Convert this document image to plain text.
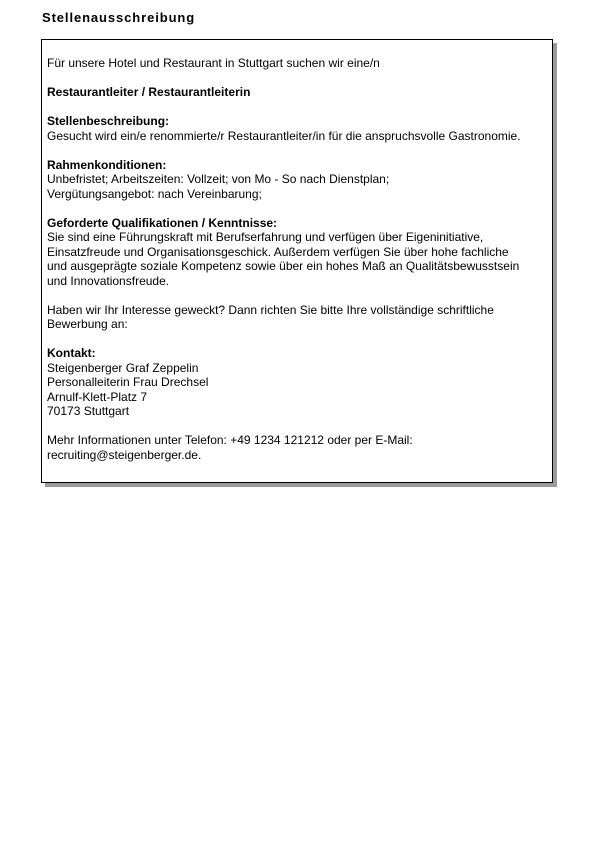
Stellenausschreibung

Für unsere Hotel und Restaurant in Stuttgart suchen wir eine/n

Restaurantleiter / Restaurantleiterin

Stellenbeschreibung:
Gesucht wird ein/e renommierte/r Restaurantleiter/in für die anspruchsvolle Gastronomie.
Rahmenkonditionen:
Unbefristet; Arbeitszeiten: Vollzeit; von Mo - So nach Dienstplan;
Vergütungsangebot: nach Vereinbarung;
Geforderte Qualifikationen / Kenntnisse:
Sie sind eine Führungskraft mit Berufserfahrung und verfügen über Eigeninitiative,
Einsatzfreude und Organisationsgeschick. Außerdem verfügen Sie über hohe fachliche
und ausgeprägte soziale Kompetenz sowie über ein hohes Maß an Qualitätsbewusstsein
und Innovationsfreude.
Haben wir Ihr Interesse geweckt? Dann richten Sie bitte Ihre vollständige schriftliche
Bewerbung an:
Kontakt:
Steigenberger Graf Zeppelin
Personalleiterin Frau Drechsel
Arnulf-Klett-Platz 7
70173 Stuttgart
Mehr Informationen unter Telefon: +49 1234 121212 oder per E-Mail:
recruiting@steigenberger.de.
